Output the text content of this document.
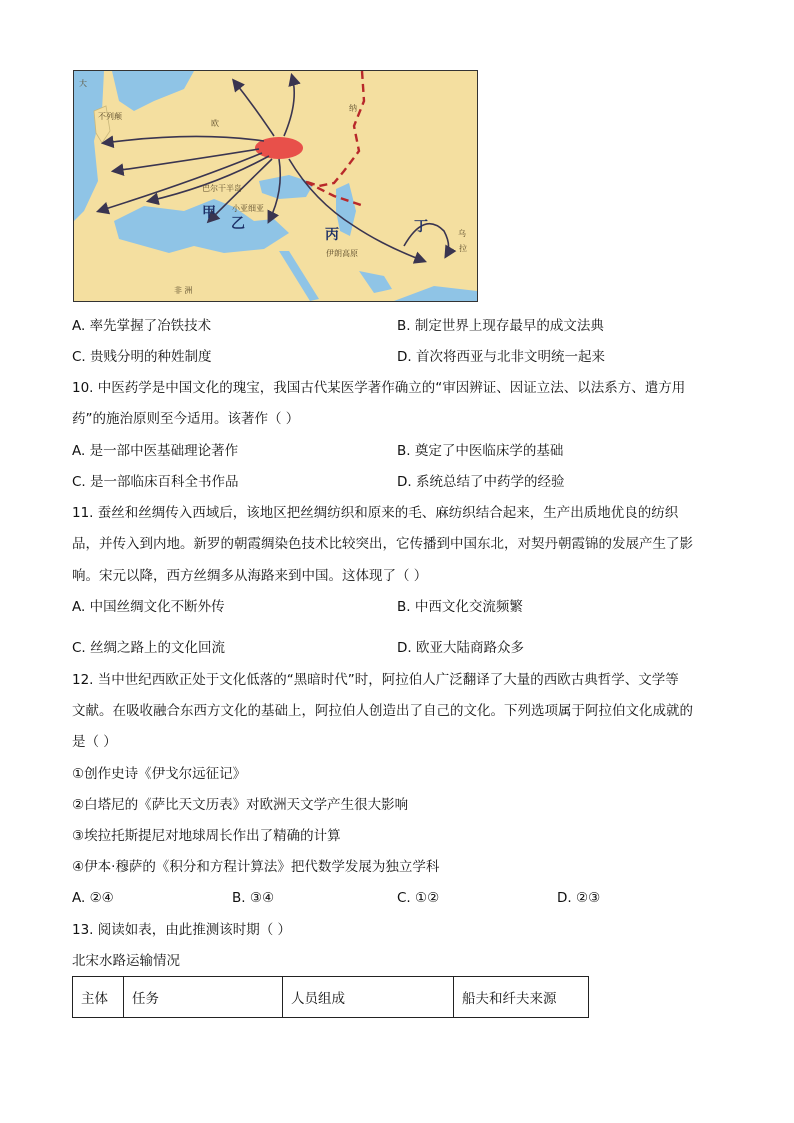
欧
不列颠
巴尔干半岛
小亚细亚
伊朗高原
大
乌
拉
非 洲
纳
甲
乙
丙	丁
A. 率先掌握了冶铁技术	B. 制定世界上现存最早的成文法典
C. 贵贱分明的种姓制度	D. 首次将西亚与北非文明统一起来
10. 中医药学是中国文化的瑰宝，我国古代某医学著作确立的“审因辨证、因证立法、以法系方、遣方用
药”的施治原则至今适用。该著作（ ）
A. 是一部中医基础理论著作	B. 奠定了中医临床学的基础
C. 是一部临床百科全书作品	D. 系统总结了中药学的经验
11. 蚕丝和丝绸传入西域后，该地区把丝绸纺织和原来的毛、麻纺织结合起来，生产出质地优良的纺织
品，并传入到内地。新罗的朝霞绸染色技术比较突出，它传播到中国东北，对契丹朝霞锦的发展产生了影
响。宋元以降，西方丝绸多从海路来到中国。这体现了（ ）
A. 中国丝绸文化不断外传	B. 中西文化交流频繁
C. 丝绸之路上的文化回流	D. 欧亚大陆商路众多
12. 当中世纪西欧正处于文化低落的“黑暗时代”时，阿拉伯人广泛翻译了大量的西欧古典哲学、文学等
文献。在吸收融合东西方文化的基础上，阿拉伯人创造出了自己的文化。下列选项属于阿拉伯文化成就的
是（ ）
①创作史诗《伊戈尔远征记》
②白塔尼的《萨比天文历表》对欧洲天文学产生很大影响
③埃拉托斯提尼对地球周长作出了精确的计算
④伊本·穆萨的《积分和方程计算法》把代数学发展为独立学科
A. ②④	B. ③④	C. ①②	D. ②③
13. 阅读如表，由此推测该时期（ ）
北宋水路运输情况
主体	任务	人员组成	船夫和纤夫来源
